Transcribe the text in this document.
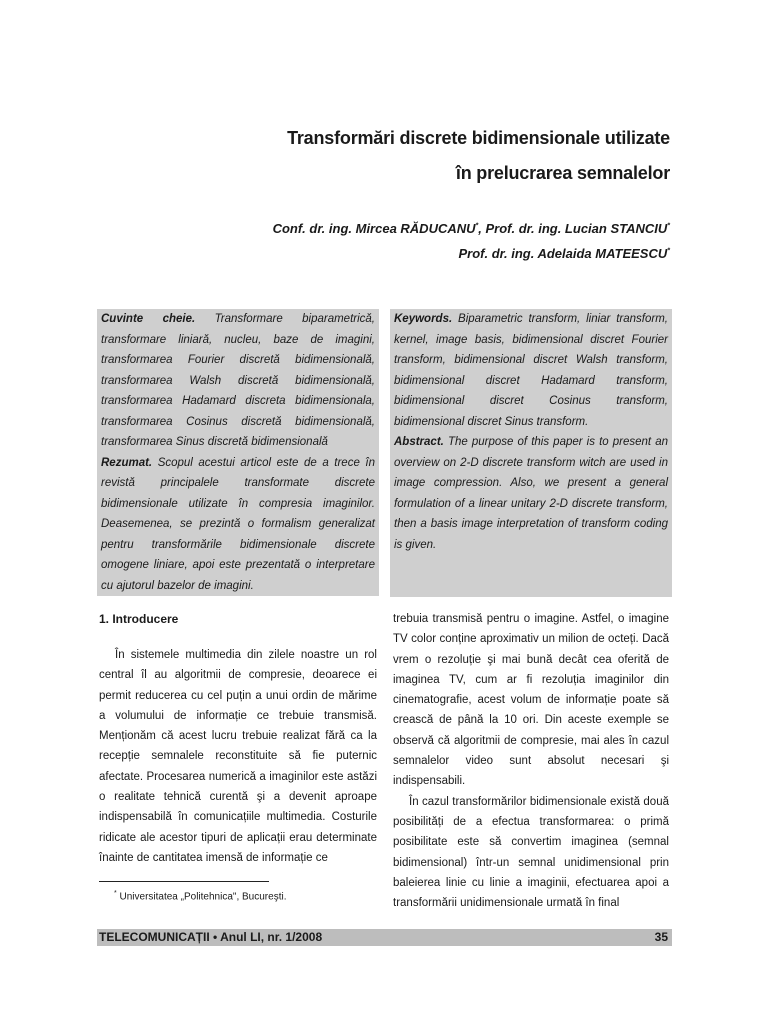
Transformări discrete bidimensionale utilizate
în prelucrarea semnalelor
Conf. dr. ing. Mircea RĂDUCANU*, Prof. dr. ing. Lucian STANCIU*
Prof. dr. ing. Adelaida MATEESCU*

Cuvinte cheie. Transformare biparametrică, transformare liniară, nucleu, baze de imagini, transformarea Fourier discretă bidimensională, transformarea Walsh discretă bidimensională, transformarea Hadamard discreta bidimensionala, transformarea Cosinus discretă bidimensională, transformarea Sinus discretă bidimensională

Rezumat. Scopul acestui articol este de a trece în revistă principalele transformate discrete bidimensionale utilizate în compresia imaginilor. Deasemenea, se prezintă o formalism generalizat pentru transformările bidimensionale discrete omogene liniare, apoi este prezentată o interpretare cu ajutorul bazelor de imagini.

Keywords. Biparametric transform, liniar transform, kernel, image basis, bidimensional discret Fourier transform, bidimensional discret Walsh transform, bidimensional discret Hadamard transform, bidimensional discret Cosinus transform, bidimensional discret Sinus transform.

Abstract. The purpose of this paper is to present an overview on 2-D discrete transform witch are used in image compression. Also, we present a general formulation of a linear unitary 2-D discrete transform, then a basis image interpretation of transform coding is given.

1. Introducere

În sistemele multimedia din zilele noastre un rol central îl au algoritmii de compresie, deoarece ei permit reducerea cu cel puțin a unui ordin de mărime a volumului de informație ce trebuie transmisă. Menționăm că acest lucru trebuie realizat fără ca la recepție semnalele reconstituite să fie puternic afectate. Procesarea numerică a imaginilor este astăzi o realitate tehnică curentă şi a devenit aproape indispensabilă în comunicațiile multimedia. Costurile ridicate ale acestor tipuri de aplicații erau determinate înainte de cantitatea imensă de informație ce

trebuia transmisă pentru o imagine. Astfel, o imagine TV color conține aproximativ un milion de octeți. Dacă vrem o rezoluție şi mai bună decât cea oferită de imaginea TV, cum ar fi rezoluția imaginilor din cinematografie, acest volum de informație poate să crească de până la 10 ori. Din aceste exemple se observă că algoritmii de compresie, mai ales în cazul semnalelor video sunt absolut necesari şi indispensabili.

În cazul transformărilor bidimensionale există două posibilități de a efectua transformarea: o primă posibilitate este să convertim imaginea (semnal bidimensional) într-un semnal unidimensional prin baleierea linie cu linie a imaginii, efectuarea apoi a transformării unidimensionale urmată în final

* Universitatea „Politehnica", Bucureşti.
TELECOMUNICAȚII • Anul LI, nr. 1/2008	35
